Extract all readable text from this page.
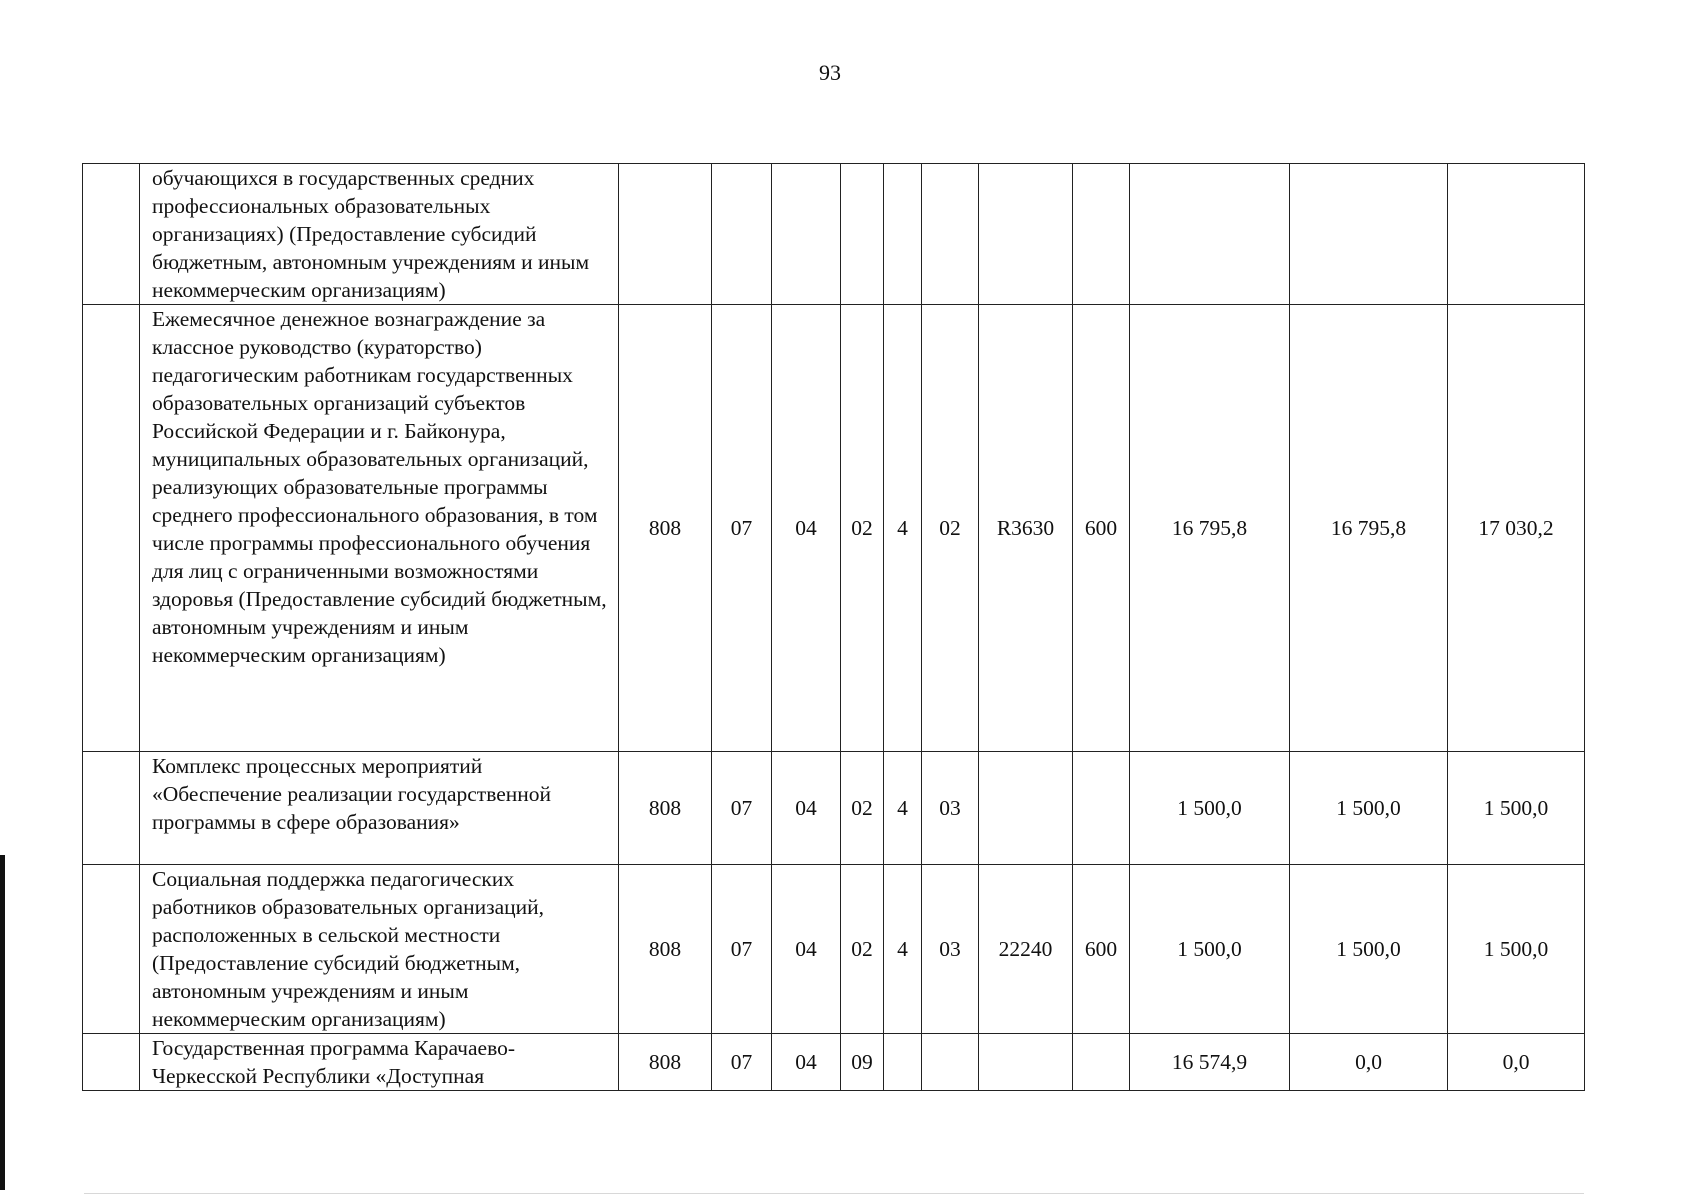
93
	обучающихся в государственных средних профессиональных образовательных организациях) (Предоставление субсидий бюджетным, автономным учреждениям и иным некоммерческим организациям)											
	Ежемесячное денежное вознаграждение за классное руководство (кураторство) педагогическим работникам государственных образовательных организаций субъектов Российской Федерации и г. Байконура, муниципальных образовательных организаций, реализующих образовательные программы среднего профессионального образования, в том числе программы профессионального обучения для лиц с ограниченными возможностями здоровья (Предоставление субсидий бюджетным, автономным учреждениям и иным некоммерческим организациям)	808	07	04	02	4	02	R3630	600	16 795,8	16 795,8	17 030,2
	Комплекс процессных мероприятий «Обеспечение реализации государственной программы в сфере образования»	808	07	04	02	4	03			1 500,0	1 500,0	1 500,0
	Социальная поддержка педагогических работников образовательных организаций, расположенных в сельской местности (Предоставление субсидий бюджетным, автономным учреждениям и иным некоммерческим организациям)	808	07	04	02	4	03	22240	600	1 500,0	1 500,0	1 500,0
	Государственная программа Карачаево-Черкесской Республики «Доступная	808	07	04	09					16 574,9	0,0	0,0
